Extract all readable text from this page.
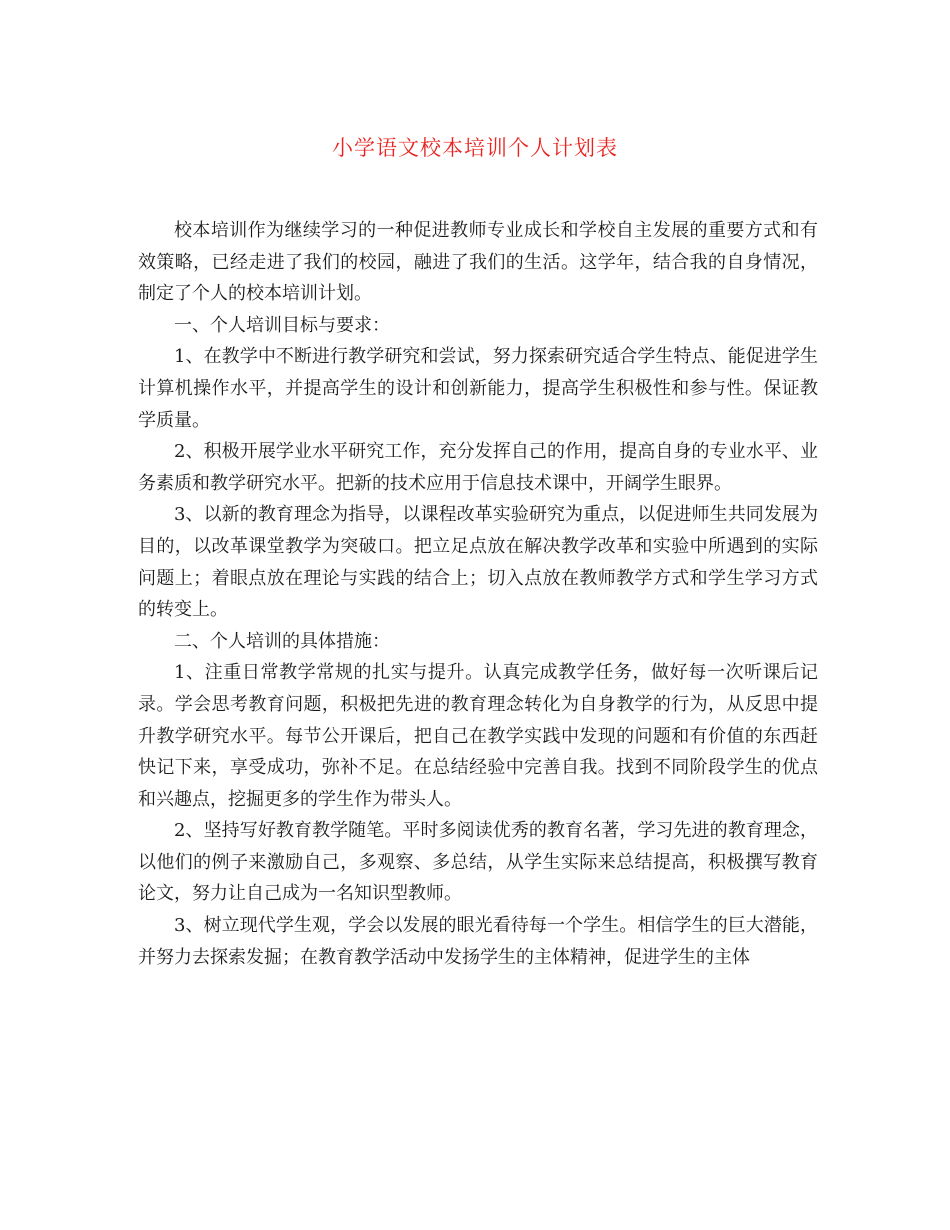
小学语文校本培训个人计划表

校本培训作为继续学习的一种促进教师专业成长和学校自主发展的重要方式和有效策略，已经走进了我们的校园，融进了我们的生活。这学年，结合我的自身情况，制定了个人的校本培训计划。

一、个人培训目标与要求：

1、在教学中不断进行教学研究和尝试，努力探索研究适合学生特点、能促进学生计算机操作水平，并提高学生的设计和创新能力，提高学生积极性和参与性。保证教学质量。

2、积极开展学业水平研究工作，充分发挥自己的作用，提高自身的专业水平、业务素质和教学研究水平。把新的技术应用于信息技术课中，开阔学生眼界。

3、以新的教育理念为指导，以课程改革实验研究为重点，以促进师生共同发展为目的，以改革课堂教学为突破口。把立足点放在解决教学改革和实验中所遇到的实际问题上；着眼点放在理论与实践的结合上；切入点放在教师教学方式和学生学习方式的转变上。

二、个人培训的具体措施：

1、注重日常教学常规的扎实与提升。认真完成教学任务，做好每一次听课后记录。学会思考教育问题，积极把先进的教育理念转化为自身教学的行为，从反思中提升教学研究水平。每节公开课后，把自己在教学实践中发现的问题和有价值的东西赶快记下来，享受成功，弥补不足。在总结经验中完善自我。找到不同阶段学生的优点和兴趣点，挖掘更多的学生作为带头人。

2、坚持写好教育教学随笔。平时多阅读优秀的教育名著，学习先进的教育理念，以他们的例子来激励自己，多观察、多总结，从学生实际来总结提高，积极撰写教育论文，努力让自己成为一名知识型教师。

3、树立现代学生观，学会以发展的眼光看待每一个学生。相信学生的巨大潜能，并努力去探索发掘；在教育教学活动中发扬学生的主体精神，促进学生的主体
